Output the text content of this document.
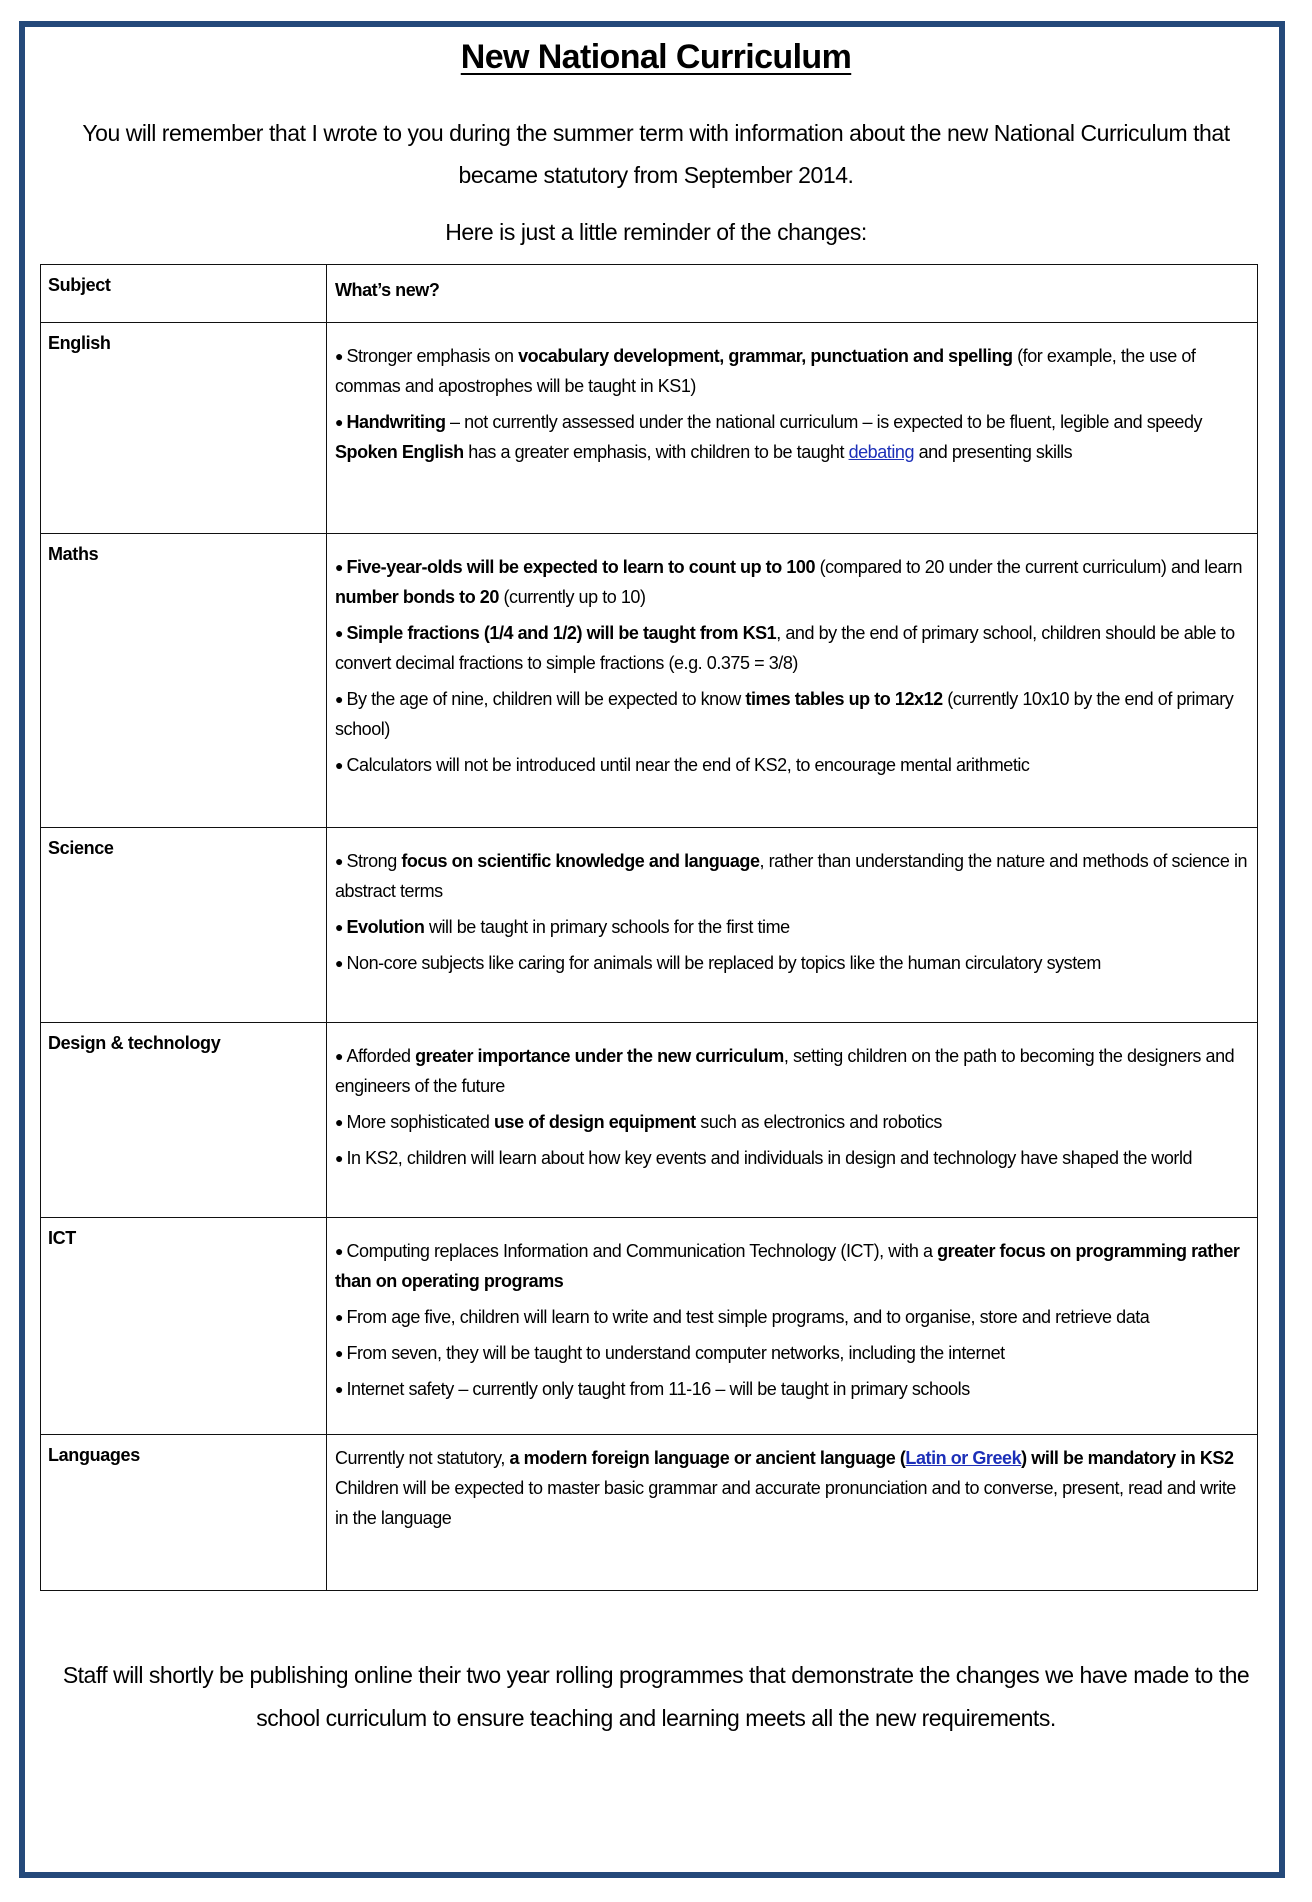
New National Curriculum
You will remember that I wrote to you during the summer term with information about the new National Curriculum that became statutory from September 2014.
Here is just a little reminder of the changes:
Subject	What’s new?
English	● Stronger emphasis on vocabulary development, grammar, punctuation and spelling (for example, the use of commas and apostrophes will be taught in KS1)
● Handwriting – not currently assessed under the national curriculum – is expected to be fluent, legible and speedy
Spoken English has a greater emphasis, with children to be taught debating and presenting skills

Maths	● Five-year-olds will be expected to learn to count up to 100 (compared to 20 under the current curriculum) and learn number bonds to 20 (currently up to 10)
● Simple fractions (1/4 and 1/2) will be taught from KS1, and by the end of primary school, children should be able to convert decimal fractions to simple fractions (e.g. 0.375 = 3/8)
● By the age of nine, children will be expected to know times tables up to 12x12 (currently 10x10 by the end of primary school)
● Calculators will not be introduced until near the end of KS2, to encourage mental arithmetic

Science	● Strong focus on scientific knowledge and language, rather than understanding the nature and methods of science in abstract terms
● Evolution will be taught in primary schools for the first time
● Non-core subjects like caring for animals will be replaced by topics like the human circulatory system

Design & technology	● Afforded greater importance under the new curriculum, setting children on the path to becoming the designers and engineers of the future
● More sophisticated use of design equipment such as electronics and robotics
● In KS2, children will learn about how key events and individuals in design and technology have shaped the world

ICT	● Computing replaces Information and Communication Technology (ICT), with a greater focus on programming rather than on operating programs
● From age five, children will learn to write and test simple programs, and to organise, store and retrieve data
● From seven, they will be taught to understand computer networks, including the internet
● Internet safety – currently only taught from 11-16 – will be taught in primary schools

Languages	Currently not statutory, a modern foreign language or ancient language (Latin or Greek) will be mandatory in KS2
Children will be expected to master basic grammar and accurate pronunciation and to converse, present, read and write in the language
Staff will shortly be publishing online their two year rolling programmes that demonstrate the changes we have made to the school curriculum to ensure teaching and learning meets all the new requirements.
